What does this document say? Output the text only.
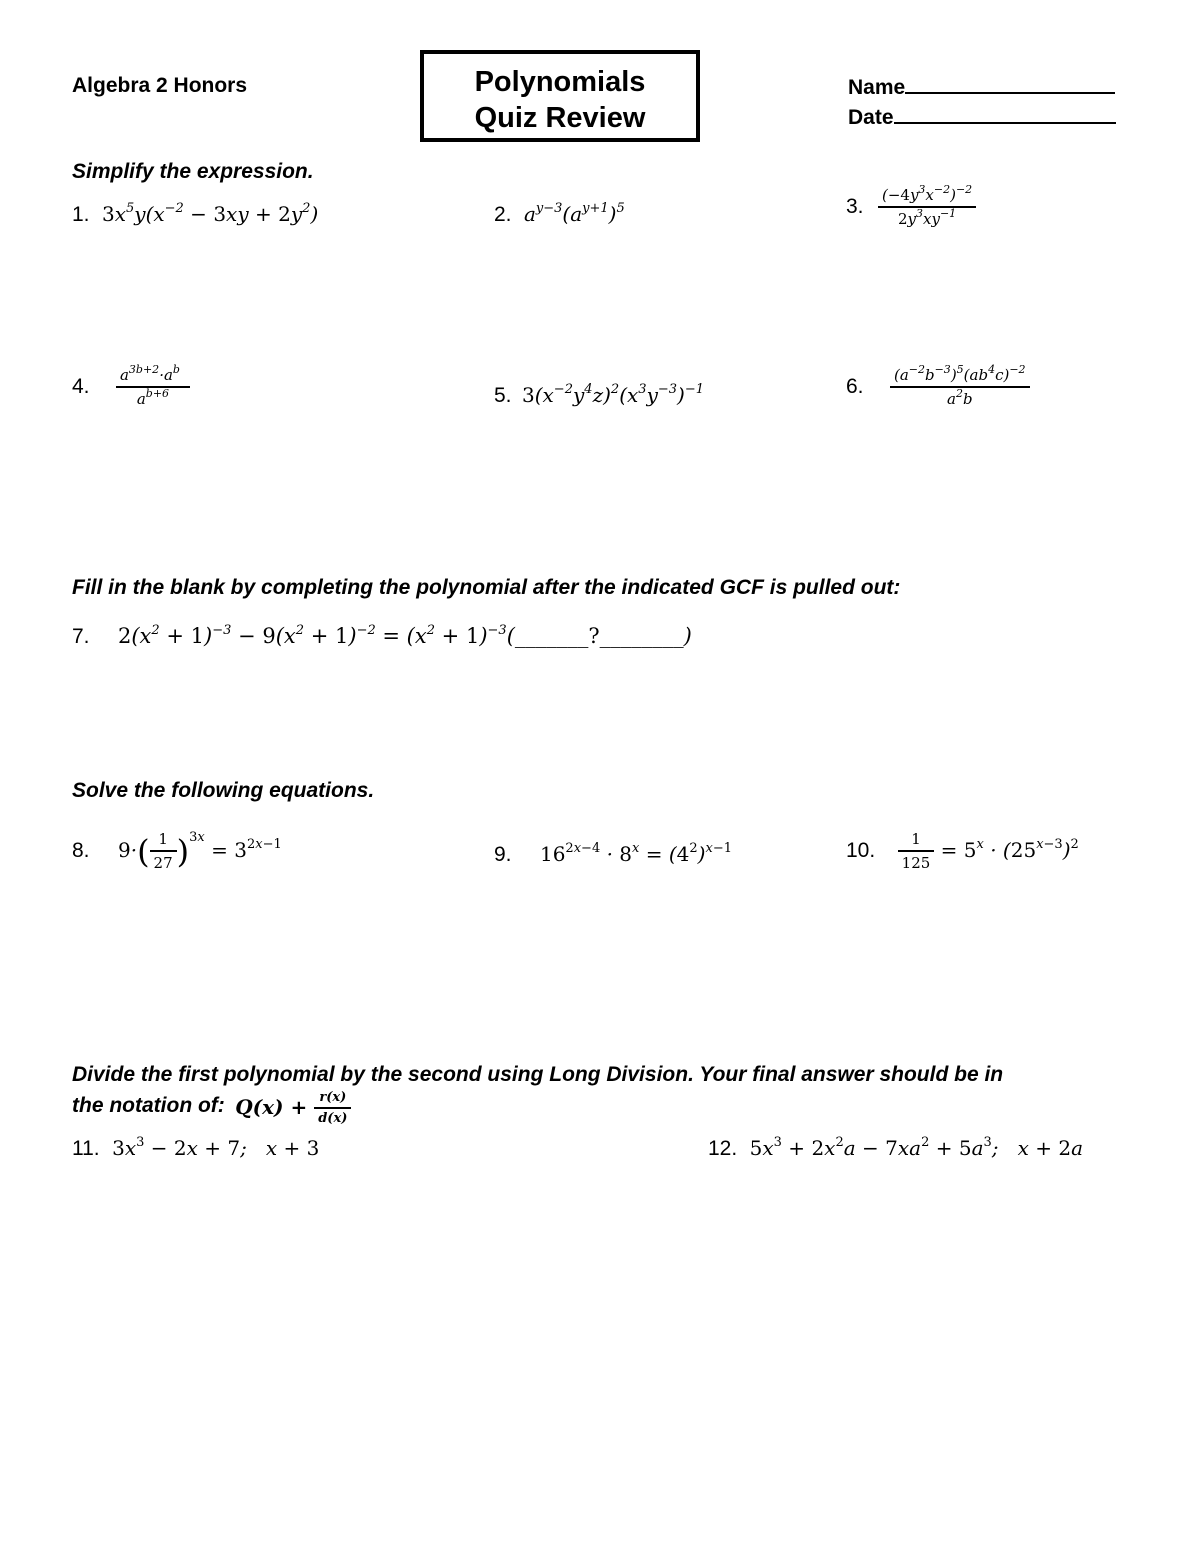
Algebra 2 Honors	Polynomials
Quiz Review
Name
Date
Simplify the expression.
1. $3x^5y(x^{-2} - 3xy + 2y^2)$	2. $a^{y-3}(a^{y+1})^5$	3. $\frac{(-4y^3x^{-2})^{-2}}{2y^3xy^{-1}}$
4. $\frac{a^{3b+2}\cdot a^b}{a^{b+6}}$	5. $3(x^{-2}y^4z)^2(x^3y^{-3})^{-1}$	6. $\frac{(a^{-2}b^{-3})^5(ab^4c)^{-2}}{a^2b}$
Fill in the blank by completing the polynomial after the indicated GCF is pulled out:
7. $2(x^2 + 1)^{-3} - 9(x^2 + 1)^{-2} = (x^2$ + $1)^{-3}(\_\_\_\_\_\_\_?\_\_\_\_\_\_\_\_)$
Solve the following equations.
8. $9\cdot( \frac{1}{27} )^{3x} = 3^{2x-1}$	9. $16^{2x-4} \cdot 8^x = (4^2)^{x-1}$	10. $\frac{1}{125} = 5^x \cdot (25^{x-3})^2$
Divide the first polynomial by the second using Long Division. Your final answer should be in
the notation of: $Q(x) + \frac{r(x)}{d(x)}$
11. $3x^3 - 2x + 7$;   x + 3	12. $5x^3 + 2x^2a - 7xa^2 + 5a^3$;   x + 2a
